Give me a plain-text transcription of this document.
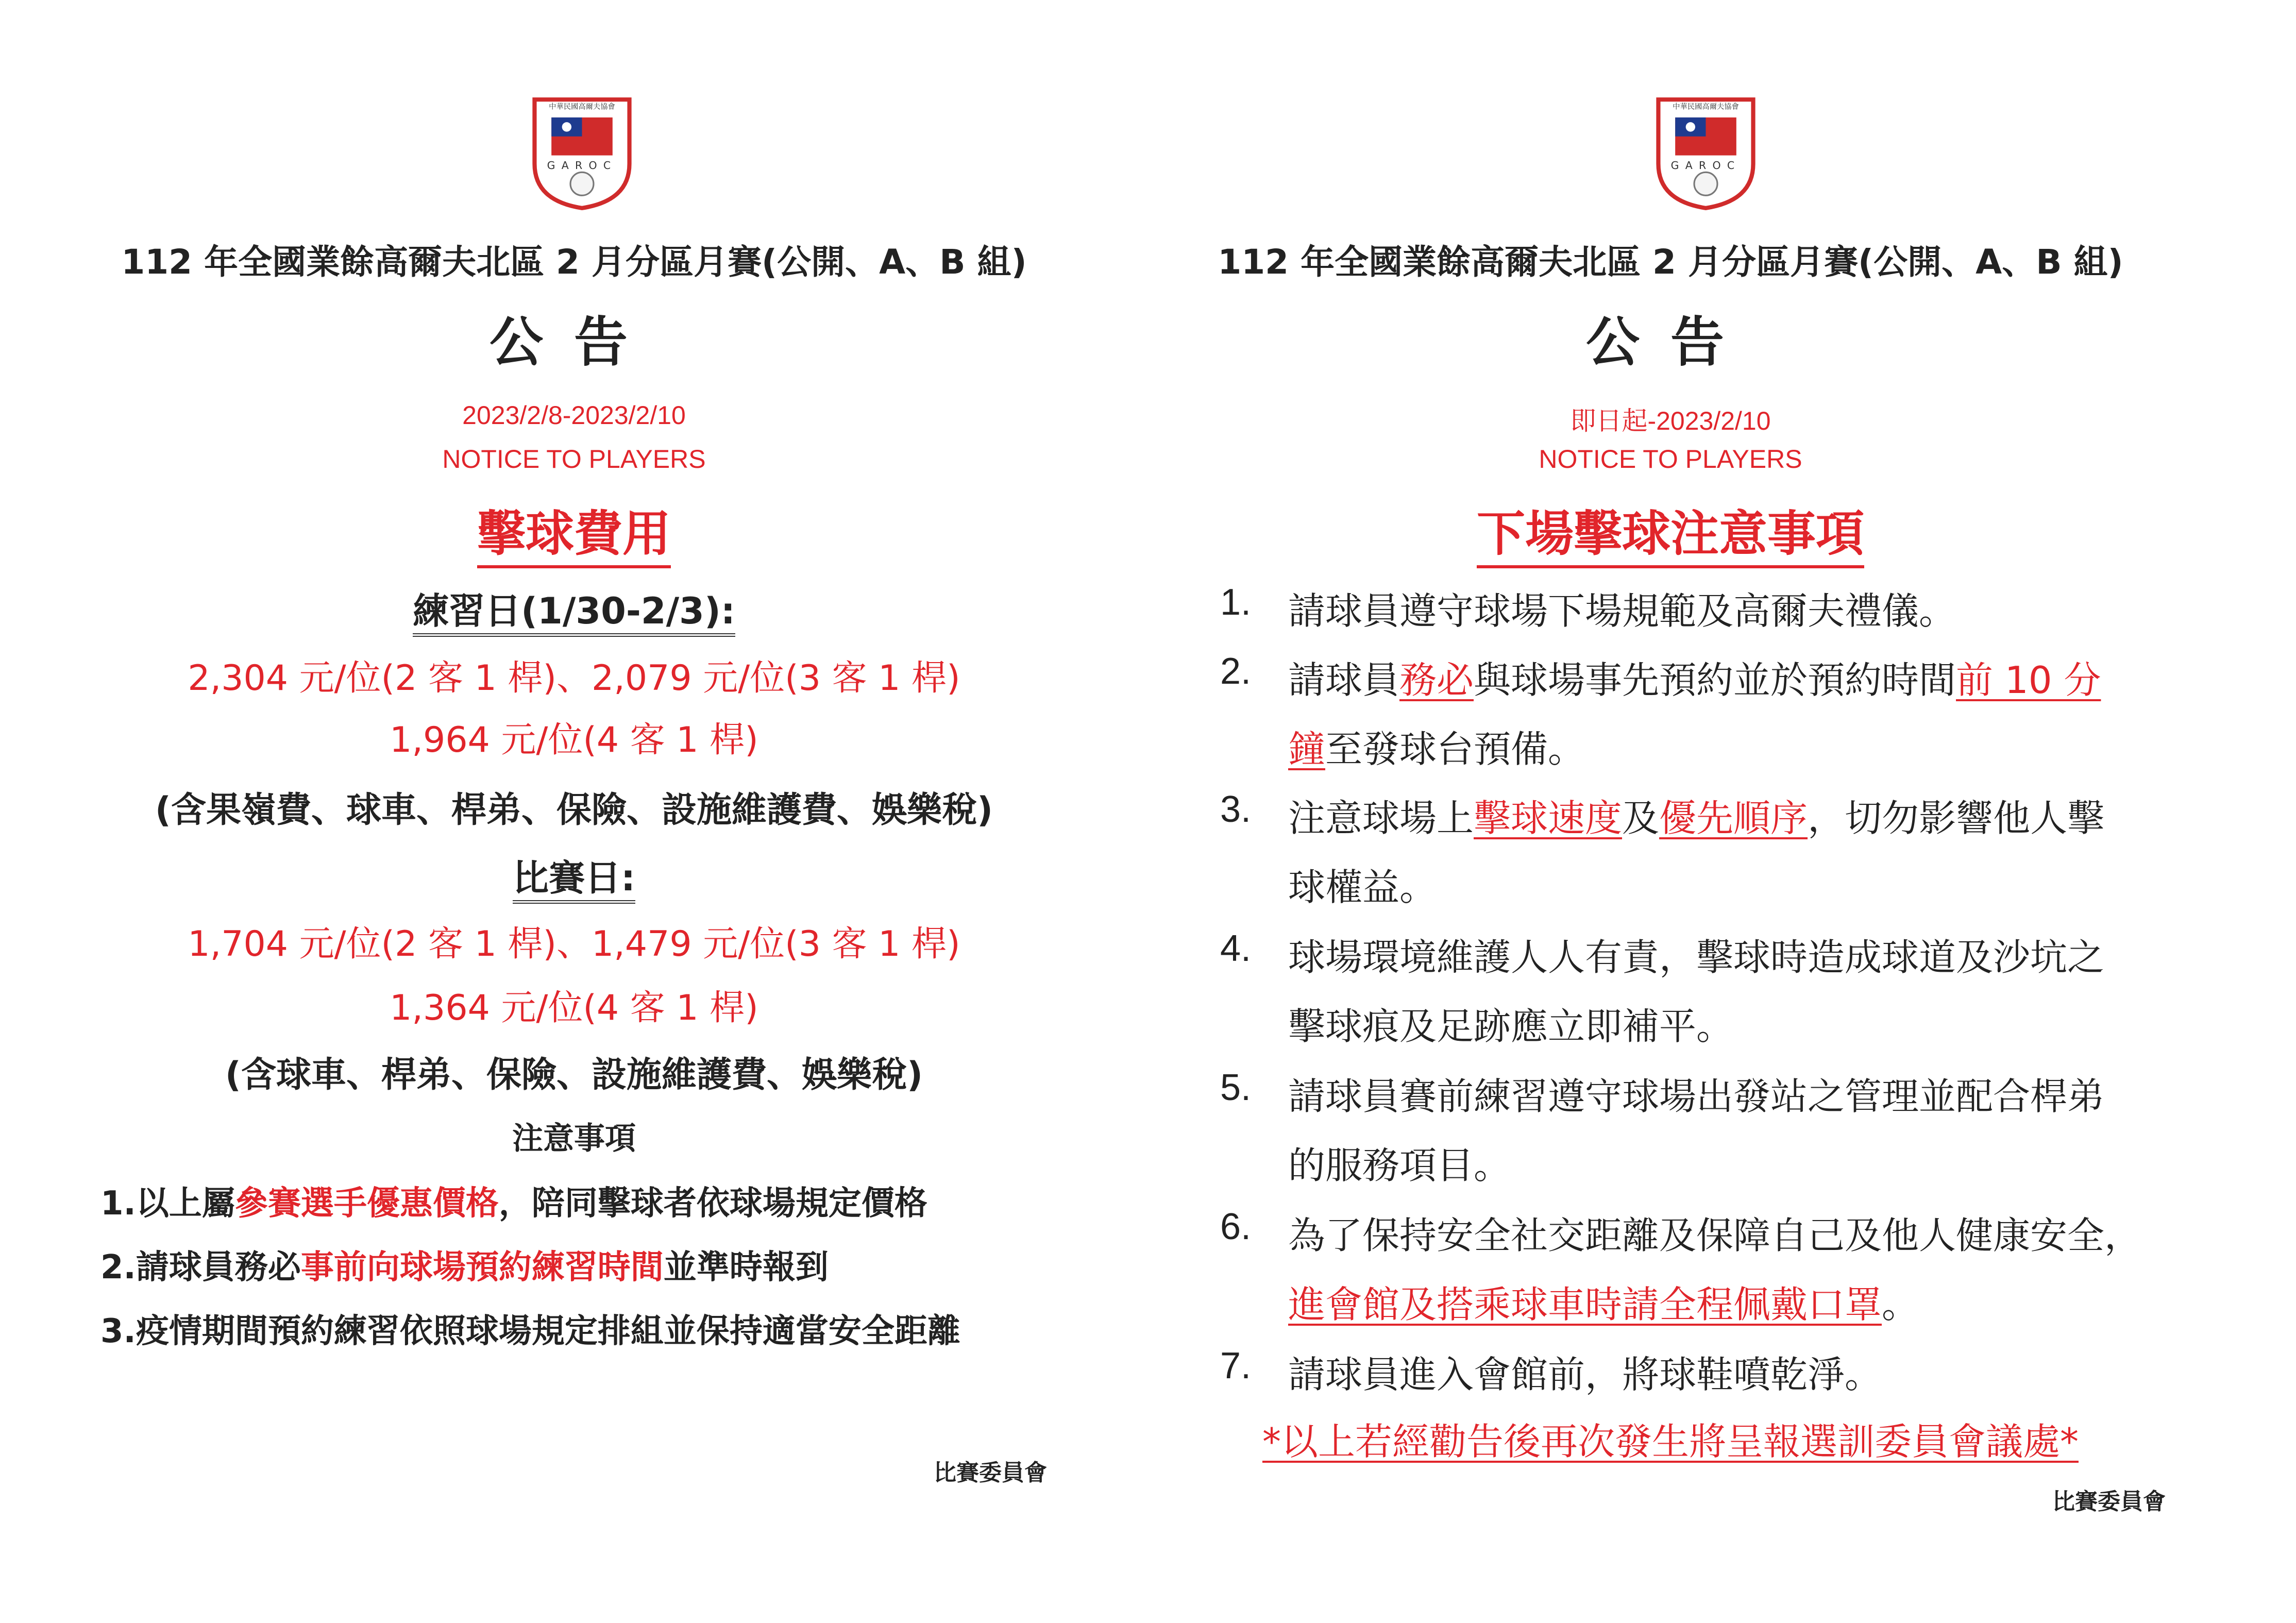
中華民國高爾夫協會
GAROC
112 年全國業餘高爾夫北區 2 月分區月賽(公開、A、B 組)
公告
2023/2/8-2023/2/10
NOTICE TO PLAYERS
擊球費用
練習日(1/30-2/3):
2,304 元/位(2 客 1 桿)、2,079 元/位(3 客 1 桿)
1,964 元/位(4 客 1 桿)
(含果嶺費、球車、桿弟、保險、設施維護費、娛樂稅)
比賽日:
1,704 元/位(2 客 1 桿)、1,479 元/位(3 客 1 桿)
1,364 元/位(4 客 1 桿)
(含球車、桿弟、保險、設施維護費、娛樂稅)
注意事項
1.以上屬參賽選手優惠價格，陪同擊球者依球場規定價格
2.請球員務必事前向球場預約練習時間並準時報到
3.疫情期間預約練習依照球場規定排組並保持適當安全距離
比賽委員會
中華民國高爾夫協會
GAROC
112 年全國業餘高爾夫北區 2 月分區月賽(公開、A、B 組)
公告
即日起-2023/2/10
NOTICE TO PLAYERS
下場擊球注意事項
1. 請球員遵守球場下場規範及高爾夫禮儀。
2. 請球員務必與球場事先預約並於預約時間前 10 分
鐘至發球台預備。
3. 注意球場上擊球速度及優先順序，切勿影響他人擊
球權益。
4. 球場環境維護人人有責，擊球時造成球道及沙坑之
擊球痕及足跡應立即補平。
5. 請球員賽前練習遵守球場出發站之管理並配合桿弟
的服務項目。
6. 為了保持安全社交距離及保障自己及他人健康安全，
進會館及搭乘球車時請全程佩戴口罩。
7. 請球員進入會館前，將球鞋噴乾淨。
*以上若經勸告後再次發生將呈報選訓委員會議處*
比賽委員會
